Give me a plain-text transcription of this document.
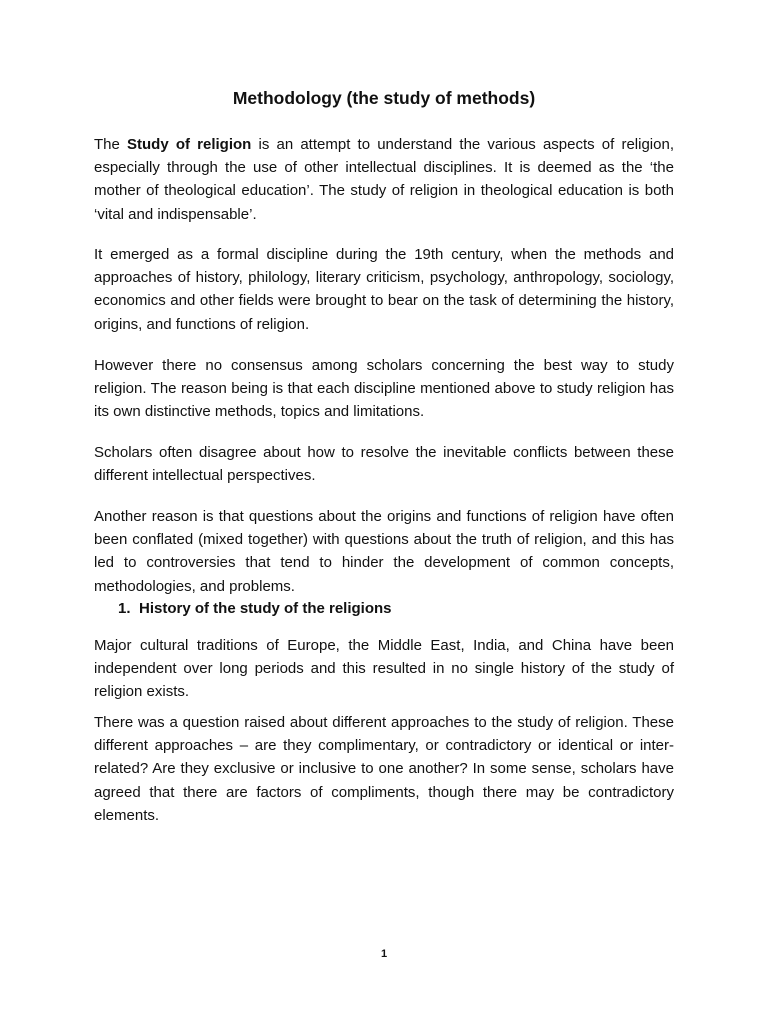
Methodology (the study of methods)

The Study of religion is an attempt to understand the various aspects of religion, especially through the use of other intellectual disciplines. It is deemed as the ‘the mother of theological education’. The study of religion in theological education is both ‘vital and indispensable’.

It emerged as a formal discipline during the 19th century, when the methods and approaches of history, philology, literary criticism, psychology, anthropology, sociology, economics and other fields were brought to bear on the task of determining the history, origins, and functions of religion.

However there no consensus among scholars concerning the best way to study religion. The reason being is that each discipline mentioned above to study religion has its own distinctive methods, topics and limitations.

Scholars often disagree about how to resolve the inevitable conflicts between these different intellectual perspectives.

Another reason is that questions about the origins and functions of religion have often been conflated (mixed together) with questions about the truth of religion, and this has led to controversies that tend to hinder the development of common concepts, methodologies, and problems.

1. History of the study of the religions

Major cultural traditions of Europe, the Middle East, India, and China have been independent over long periods and this resulted in no single history of the study of religion exists.

There was a question raised about different approaches to the study of religion. These different approaches – are they complimentary, or contradictory or identical or inter-related? Are they exclusive or inclusive to one another? In some sense, scholars have agreed that there are factors of compliments, though there may be contradictory elements.

1
